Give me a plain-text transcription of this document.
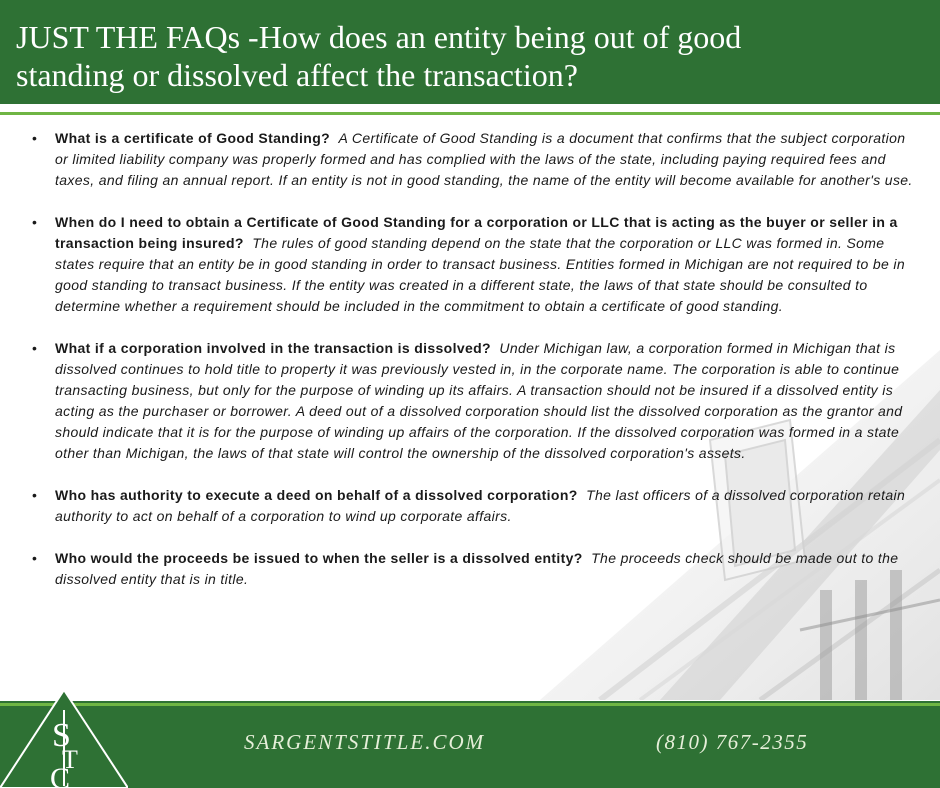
JUST THE FAQs -How does an entity being out of good
standing or dissolved affect the transaction?
•	What is a certificate of Good Standing? A Certificate of Good Standing is a document that confirms that the subject corporation or limited liability company was properly formed and has complied with the laws of the state, including paying required fees and taxes, and filing an annual report. If an entity is not in good standing, the name of the entity will become available for another's use.
•	When do I need to obtain a Certificate of Good Standing for a corporation or LLC that is acting as the buyer or seller in a transaction being insured? The rules of good standing depend on the state that the corporation or LLC was formed in. Some states require that an entity be in good standing in order to transact business. Entities formed in Michigan are not required to be in good standing to transact business. If the entity was created in a different state, the laws of that state should be consulted to determine whether a requirement should be included in the commitment to obtain a certificate of good standing.
•	What if a corporation involved in the transaction is dissolved? Under Michigan law, a corporation formed in Michigan that is dissolved continues to hold title to property it was previously vested in, in the corporate name. The corporation is able to continue transacting business, but only for the purpose of winding up its affairs. A transaction should not be insured if a dissolved entity is acting as the purchaser or borrower. A deed out of a dissolved corporation should list the dissolved corporation as the grantor and should indicate that it is for the purpose of winding up affairs of the corporation. If the dissolved corporation was formed in a state other than Michigan, the laws of that state will control the ownership of the dissolved corporation's assets.
•	Who has authority to execute a deed on behalf of a dissolved corporation? The last officers of a dissolved corporation retain authority to act on behalf of a corporation to wind up corporate affairs.
•	Who would the proceeds be issued to when the seller is a dissolved entity? The proceeds check should be made out to the dissolved entity that is in title.
S
T
C
SARGENTSTITLE.COM	(810) 767-2355
